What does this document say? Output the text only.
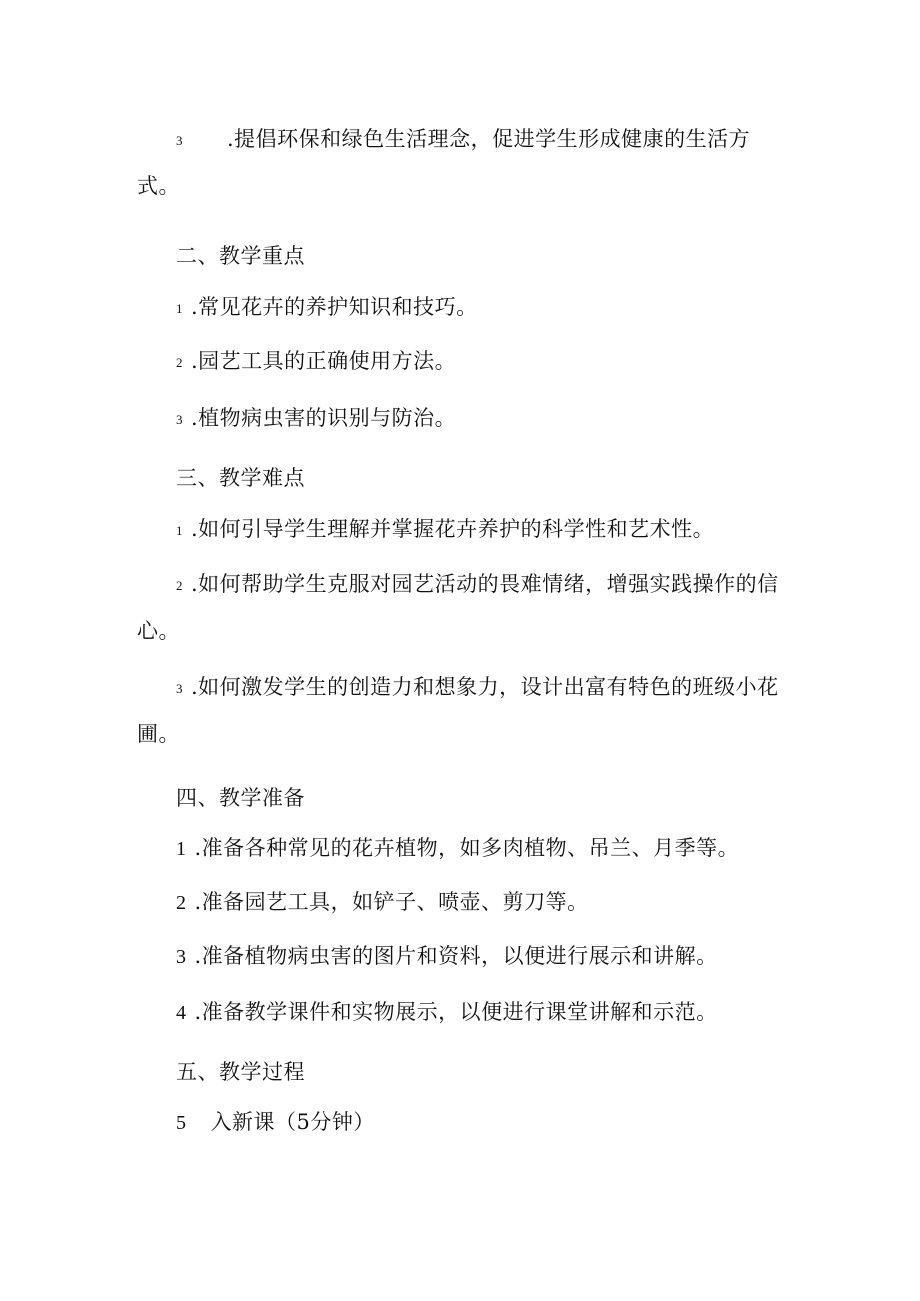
3 .提倡环保和绿色生活理念，促进学生形成健康的生活方
式。
二、教学重点
1 .常见花卉的养护知识和技巧。
2 .园艺工具的正确使用方法。
3 .植物病虫害的识别与防治。
三、教学难点
1 .如何引导学生理解并掌握花卉养护的科学性和艺术性。
2 .如何帮助学生克服对园艺活动的畏难情绪，增强实践操作的信
心。
3 .如何激发学生的创造力和想象力，设计出富有特色的班级小花
圃。
四、教学准备
1 .准备各种常见的花卉植物，如多肉植物、吊兰、月季等。
2 .准备园艺工具，如铲子、喷壶、剪刀等。
3 .准备植物病虫害的图片和资料，以便进行展示和讲解。
4 .准备教学课件和实物展示，以便进行课堂讲解和示范。
五、教学过程
5 入新课（5分钟）
